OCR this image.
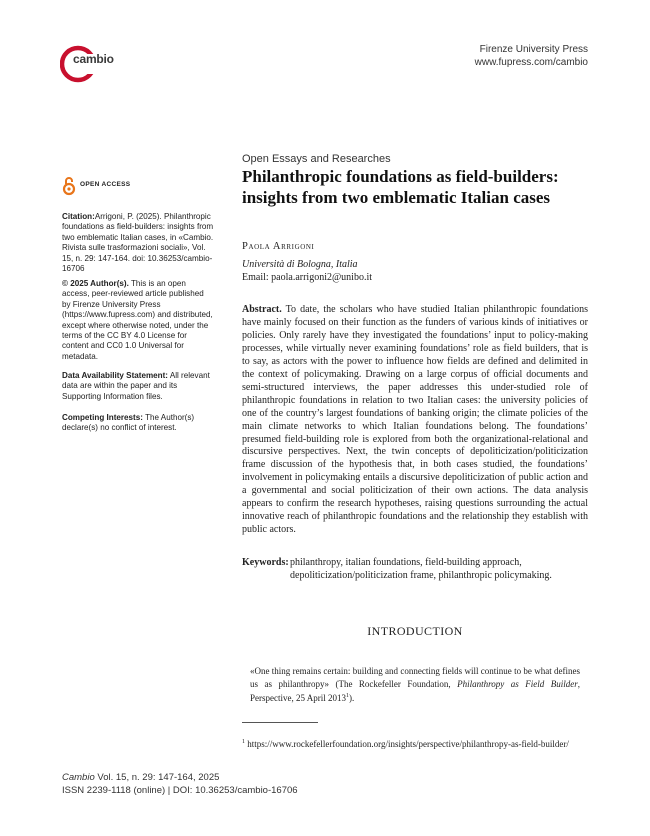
cambio
Firenze University Press
www.fupress.com/cambio
OPEN ACCESS
Citation:Arrigoni, P. (2025). Philanthropic foundations as field-builders: insights from two emblematic Italian cases, in «Cambio. Rivista sulle trasformazioni sociali», Vol. 15, n. 29: 147-164. doi: 10.36253/cambio-16706
© 2025 Author(s). This is an open access, peer-reviewed article published by Firenze University Press (https://www.fupress.com) and distributed, except where otherwise noted, under the terms of the CC BY 4.0 License for content and CC0 1.0 Universal for metadata.
Data Availability Statement: All relevant data are within the paper and its Supporting Information files.
Competing Interests: The Author(s) declare(s) no conflict of interest.
Open Essays and Researches
Philanthropic foundations as field-builders: insights from two emblematic Italian cases
Paola Arrigoni
Università di Bologna, Italia
Email: paola.arrigoni2@unibo.it
Abstract. To date, the scholars who have studied Italian philanthropic foundations have mainly focused on their function as the funders of various kinds of initiatives or policies. Only rarely have they investigated the foundations’ input to policy-making processes, while virtually never examining foundations’ role as field builders, that is to say, as actors with the power to influence how fields are defined and delimited in the context of policymaking. Drawing on a large corpus of official documents and semi-structured interviews, the paper addresses this under-studied role of philanthropic foundations in relation to two Italian cases: the university policies of one of the country’s largest foundations of banking origin; the climate policies of the main climate networks to which Italian foundations belong. The foundations’ presumed field-building role is explored from both the organizational-relational and discursive perspectives. Next, the twin concepts of depoliticization/politicization frame discussion of the hypothesis that, in both cases studied, the foundations’ involvement in policymaking entails a discursive depoliticization of public action and a governmental and social politicization of their own actions. The data analysis appears to confirm the research hypotheses, raising questions surrounding the actual innovative reach of philanthropic foundations and the relationship they establish with public actors.
Keywords: philanthropy, italian foundations, field-building approach, depoliticization/politicization frame, philanthropic policymaking.
INTRODUCTION
«One thing remains certain: building and connecting fields will continue to be what defines us as philanthropy» (The Rockefeller Foundation, Philanthropy as Field Builder, Perspective, 25 April 2013$^1$).
$^1$ https://www.rockefellerfoundation.org/insights/perspective/philanthropy-as-field-builder/
Cambio Vol. 15, n. 29: 147-164, 2025
ISSN 2239-1118 (online) | DOI: 10.36253/cambio-16706
